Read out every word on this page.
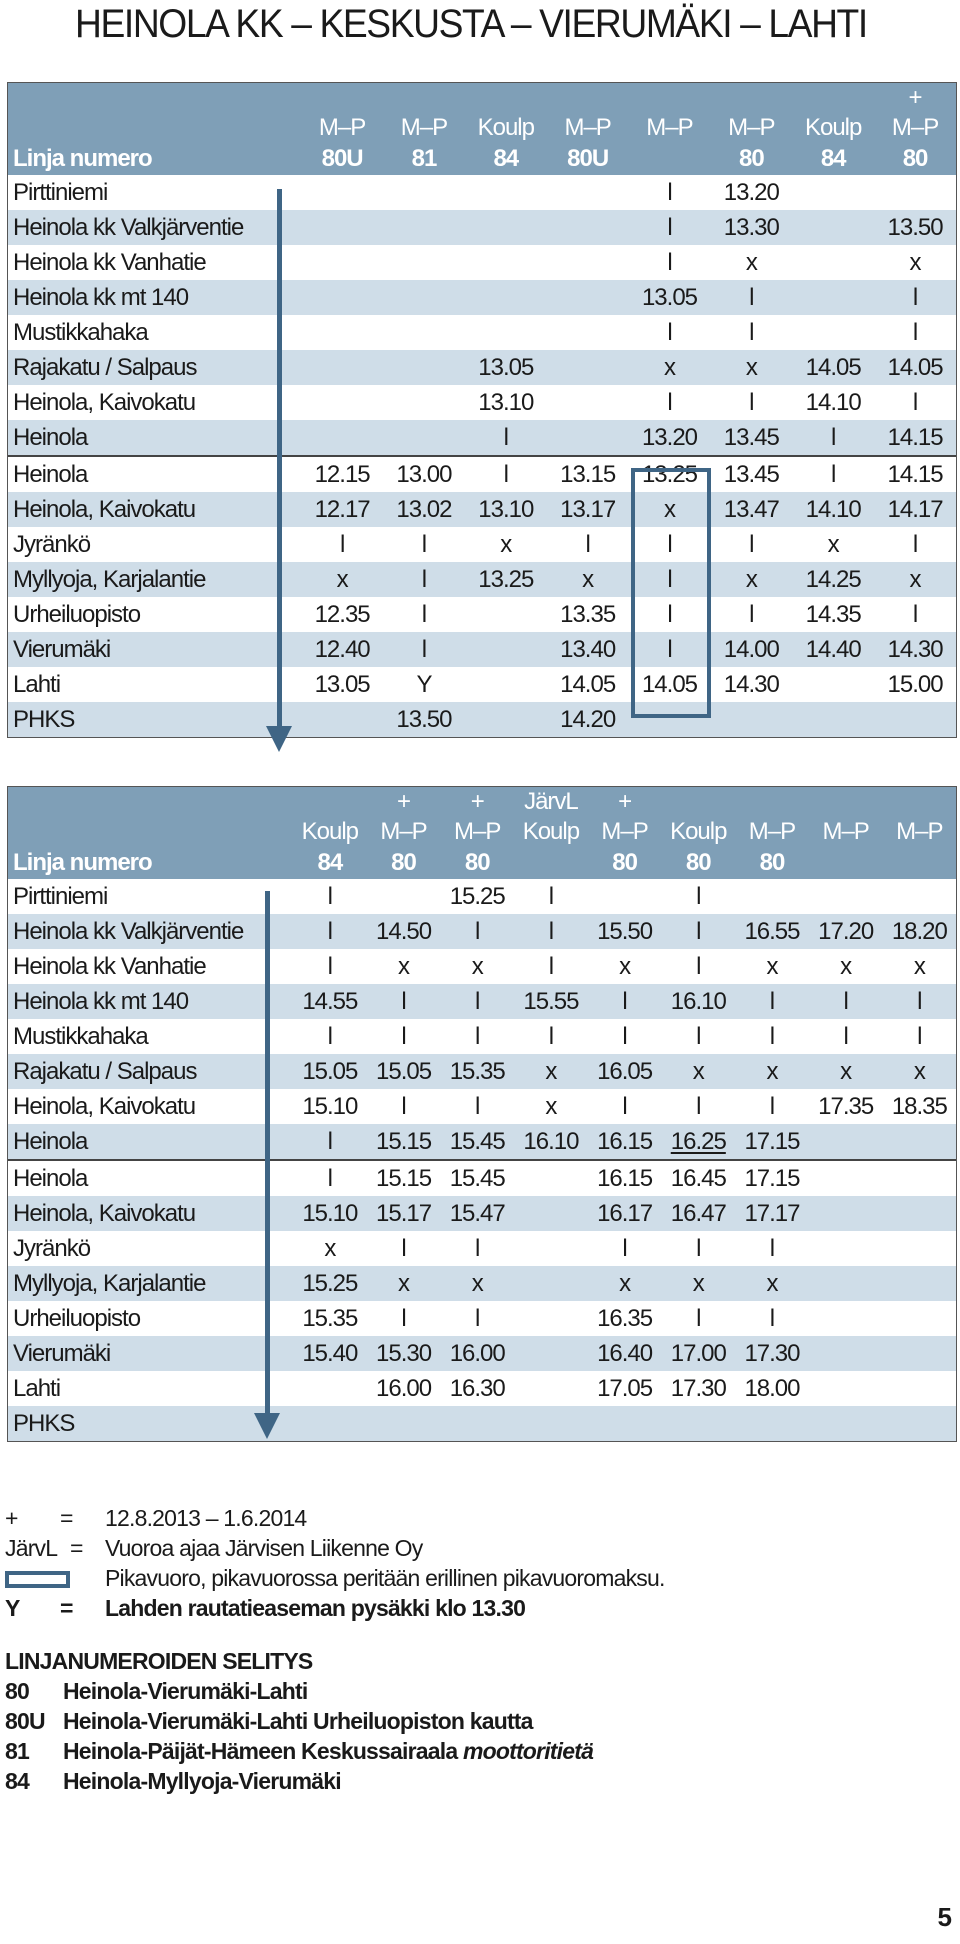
HEINOLA KK – KESKUSTA – VIERUMÄKI – LAHTI
								+
	M–P	M–P	Koulp	M–P	M–P	M–P	Koulp	M–P
Linja numero	80U	81	84	80U		80	84	80
Pirttiniemi					l	13.20		
Heinola kk Valkjärventie					l	13.30		13.50
Heinola kk Vanhatie					l	x		x
Heinola kk mt 140					13.05	l		l
Mustikkahaka					l	l		l
Rajakatu / Salpaus			13.05		x	x	14.05	14.05
Heinola, Kaivokatu			13.10		l	l	14.10	l
Heinola			l		13.20	13.45	l	14.15
Heinola	12.15	13.00	l	13.15	13.25	13.45	l	14.15
Heinola, Kaivokatu	12.17	13.02	13.10	13.17	x	13.47	14.10	14.17
Jyränkö	l	l	x	l	l	l	x	l
Myllyoja, Karjalantie	x	l	13.25	x	l	x	14.25	x
Urheiluopisto	12.35	l		13.35	l	l	14.35	l
Vierumäki	12.40	l		13.40	l	14.00	14.40	14.30
Lahti	13.05	Y		14.05	14.05	14.30		15.00
PHKS		13.50		14.20				
		+	+	JärvL	+				
	Koulp	M–P	M–P	Koulp	M–P	Koulp	M–P	M–P	M–P
Linja numero	84	80	80		80	80	80		
Pirttiniemi	l		15.25	l		l			
Heinola kk Valkjärventie	l	14.50	l	l	15.50	l	16.55	17.20	18.20
Heinola kk Vanhatie	l	x	x	l	x	l	x	x	x
Heinola kk mt 140	14.55	l	l	15.55	l	16.10	l	l	l
Mustikkahaka	l	l	l	l	l	l	l	l	l
Rajakatu / Salpaus	15.05	15.05	15.35	x	16.05	x	x	x	x
Heinola, Kaivokatu	15.10	l	l	x	l	l	l	17.35	18.35
Heinola	l	15.15	15.45	16.10	16.15	16.25	17.15		
Heinola	l	15.15	15.45		16.15	16.45	17.15		
Heinola, Kaivokatu	15.10	15.17	15.47		16.17	16.47	17.17		
Jyränkö	x	l	l		l	l	l		
Myllyoja, Karjalantie	15.25	x	x		x	x	x		
Urheiluopisto	15.35	l	l		16.35	l	l		
Vierumäki	15.40	15.30	16.00		16.40	17.00	17.30		
Lahti		16.00	16.30		17.05	17.30	18.00		
PHKS									
+ =	12.8.2013 – 1.6.2014
JärvL = Vuoroa ajaa Järvisen Liikenne Oy
Pikavuoro, pikavuorossa peritään erillinen pikavuoromaksu.
Y =	Lahden rautatieaseman pysäkki klo 13.30
LINJANUMEROIDEN SELITYS
80	Heinola-Vierumäki-Lahti
80U Heinola-Vierumäki-Lahti Urheiluopiston kautta
81	Heinola-Päijät-Hämeen Keskussairaala moottoritietä
84	Heinola-Myllyoja-Vierumäki
5
